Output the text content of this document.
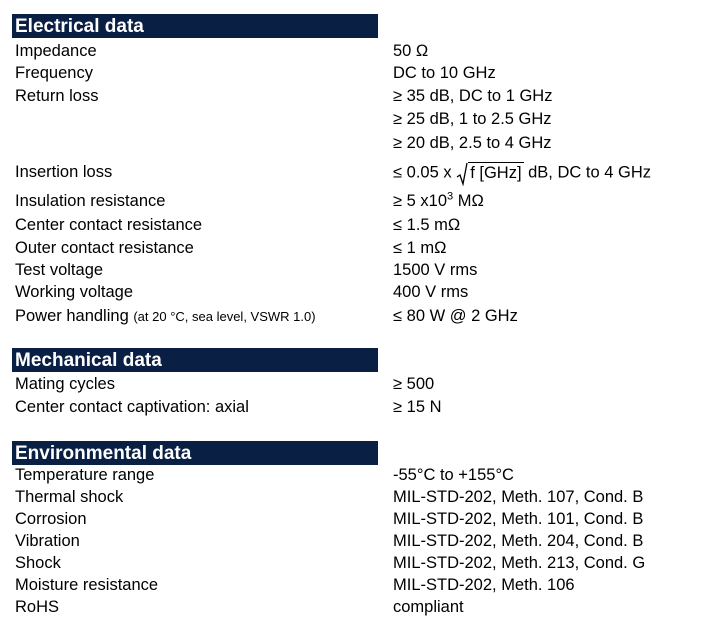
Electrical data
Impedance	50 Ω
Frequency	DC to 10 GHz
Return loss	≥ 35 dB, DC to 1 GHz
≥ 25 dB, 1 to 2.5 GHz
≥ 20 dB, 2.5 to 4 GHz
Insertion loss	≤ 0.05 x f [GHz] dB, DC to 4 GHz
Insulation resistance	≥ 5 $x10^3$ MΩ
Center contact resistance	≤ 1.5 mΩ
Outer contact resistance	≤ 1 mΩ
Test voltage	1500 V rms
Working voltage	400 V rms
Power handling (at 20 °C, sea level, VSWR 1.0)	≤ 80 W @ 2 GHz
Mechanical data
Mating cycles	≥ 500
Center contact captivation: axial	≥ 15 N
Environmental data
Temperature range	-55°C to +155°C
Thermal shock	MIL-STD-202, Meth. 107, Cond. B
Corrosion	MIL-STD-202, Meth. 101, Cond. B
Vibration	MIL-STD-202, Meth. 204, Cond. B
Shock	MIL-STD-202, Meth. 213, Cond. G
Moisture resistance	MIL-STD-202, Meth. 106
RoHS	compliant
